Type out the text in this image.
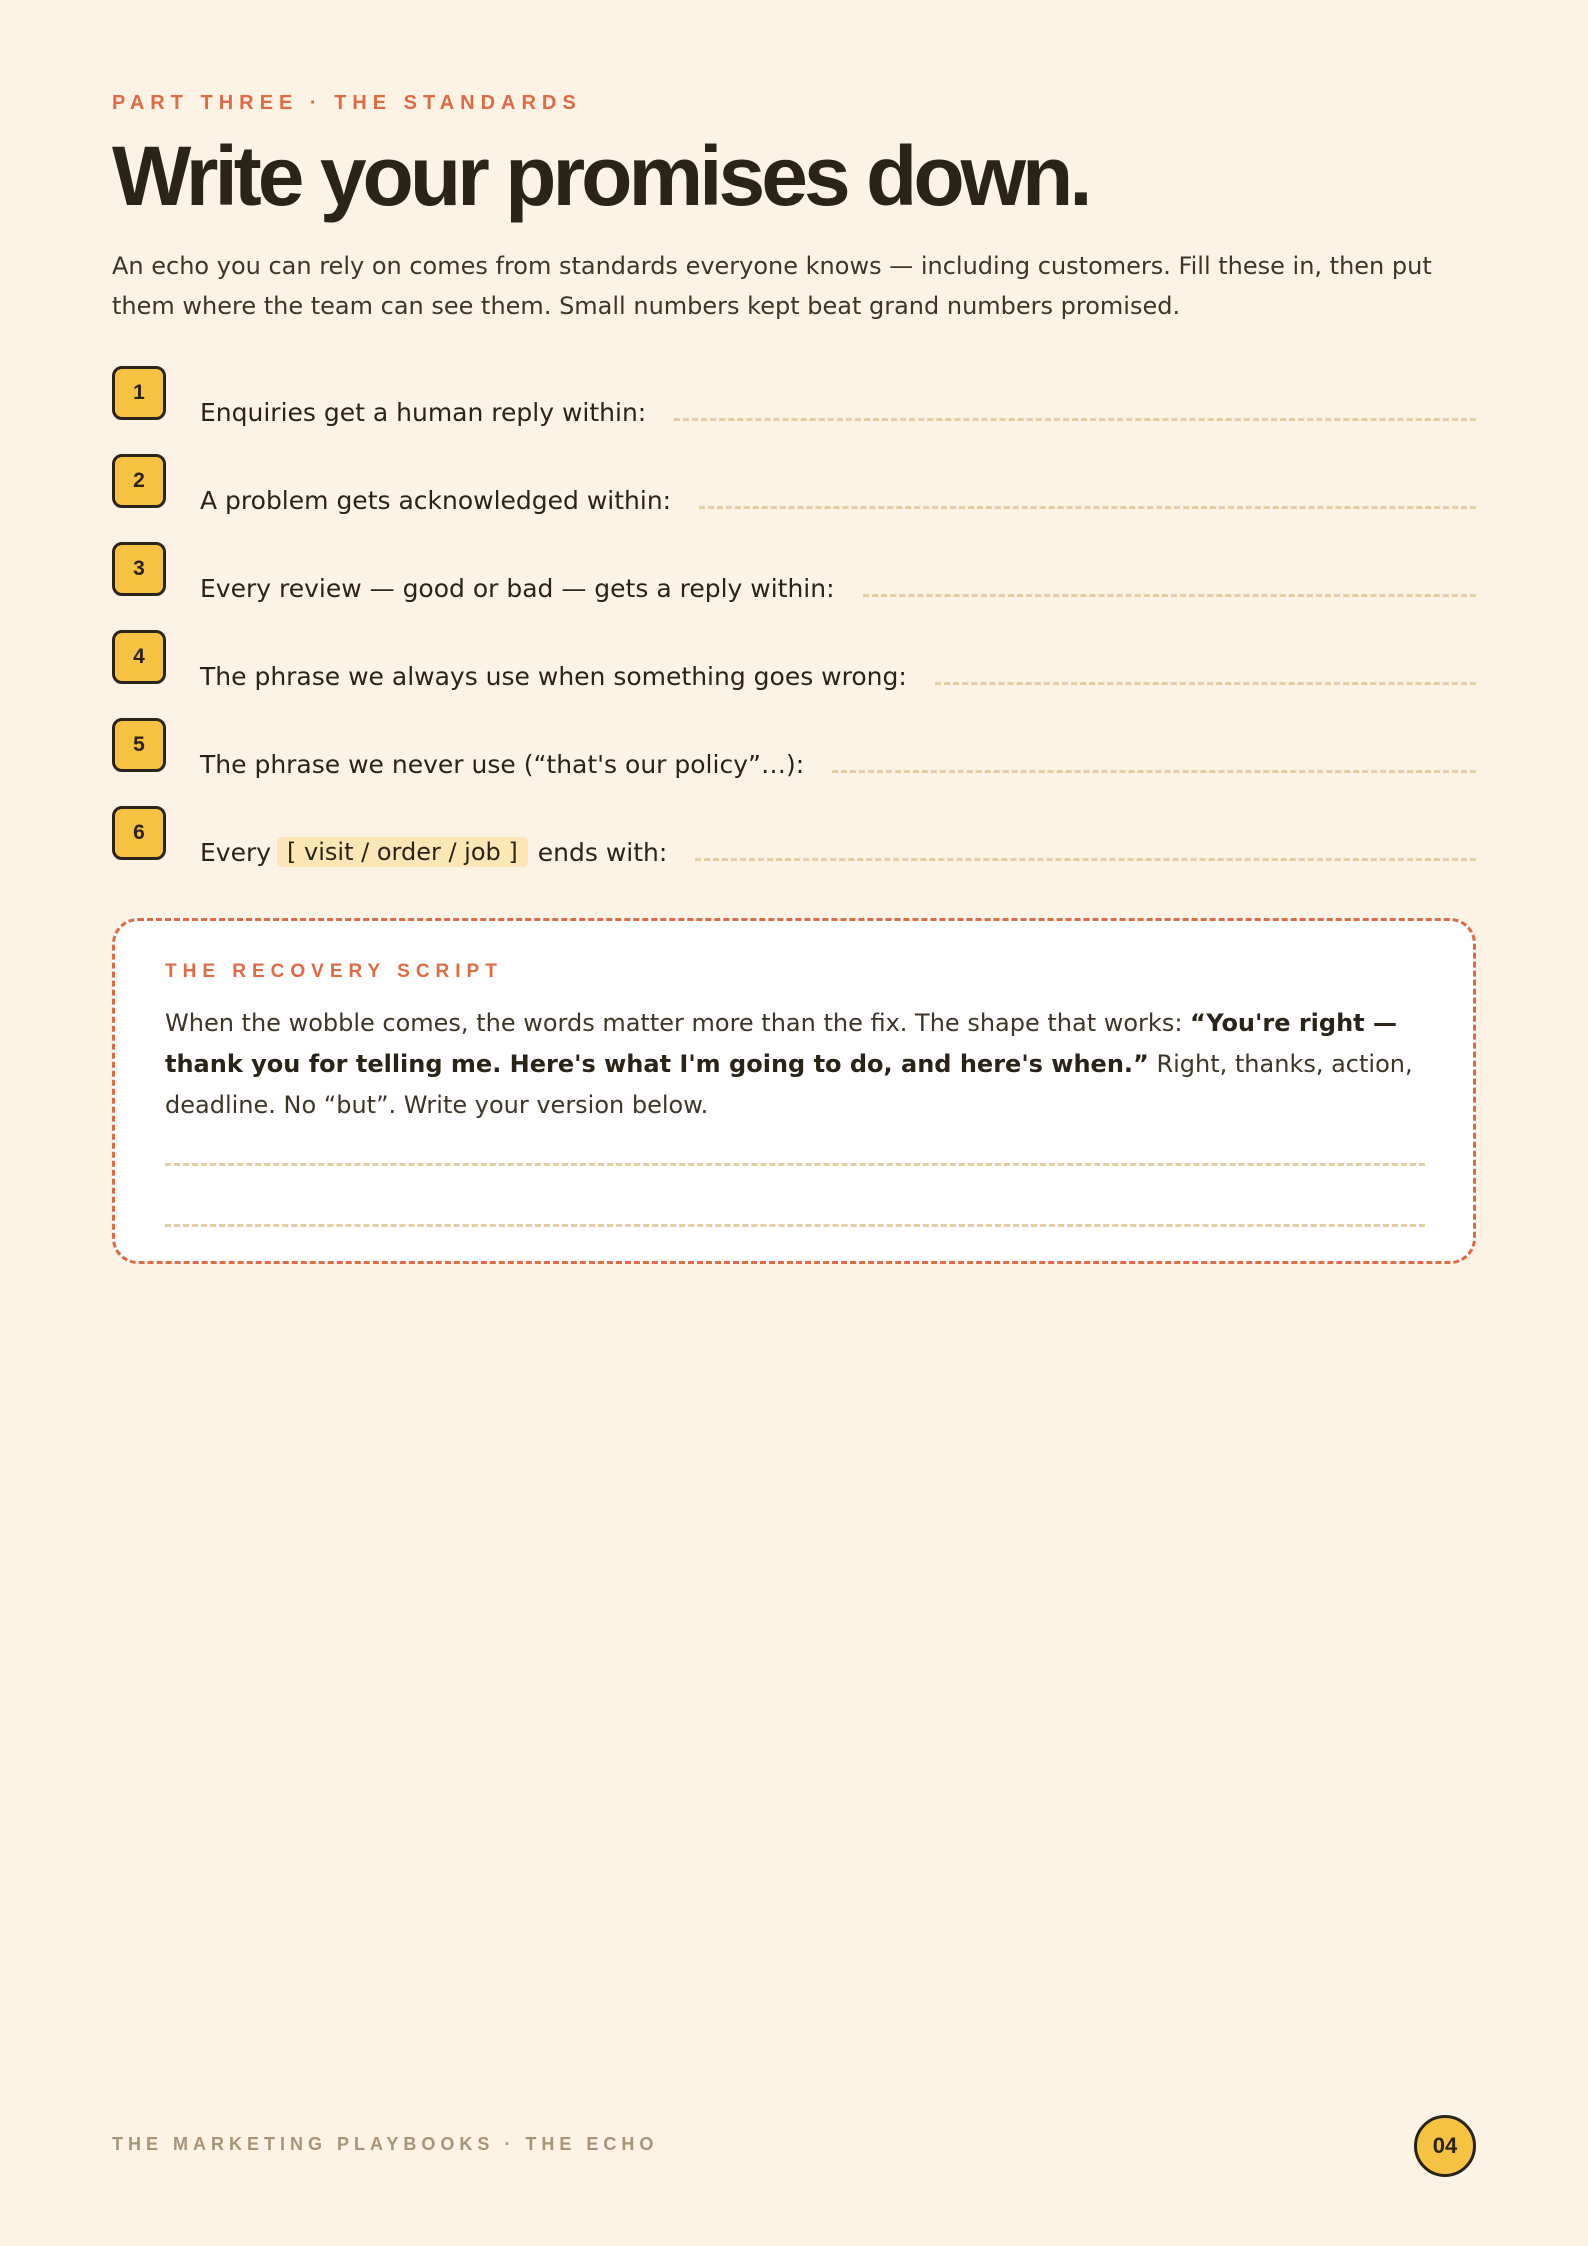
PART THREE · THE STANDARDS
Write your promises down.

An echo you can rely on comes from standards everyone knows — including customers. Fill these in, then put them where the team can see them. Small numbers kept beat grand numbers promised.

1
Enquiries get a human reply within:
2
A problem gets acknowledged within:
3
Every review — good or bad — gets a reply within:
4
The phrase we always use when something goes wrong:
5
The phrase we never use (“that's our policy”…):
6
Every [ visit / order / job ] ends with:
THE RECOVERY SCRIPT

When the wobble comes, the words matter more than the fix. The shape that works: “You're right — thank you for telling me. Here's what I'm going to do, and here's when.” Right, thanks, action, deadline. No “but”. Write your version below.

THE MARKETING PLAYBOOKS · THE ECHO	04
